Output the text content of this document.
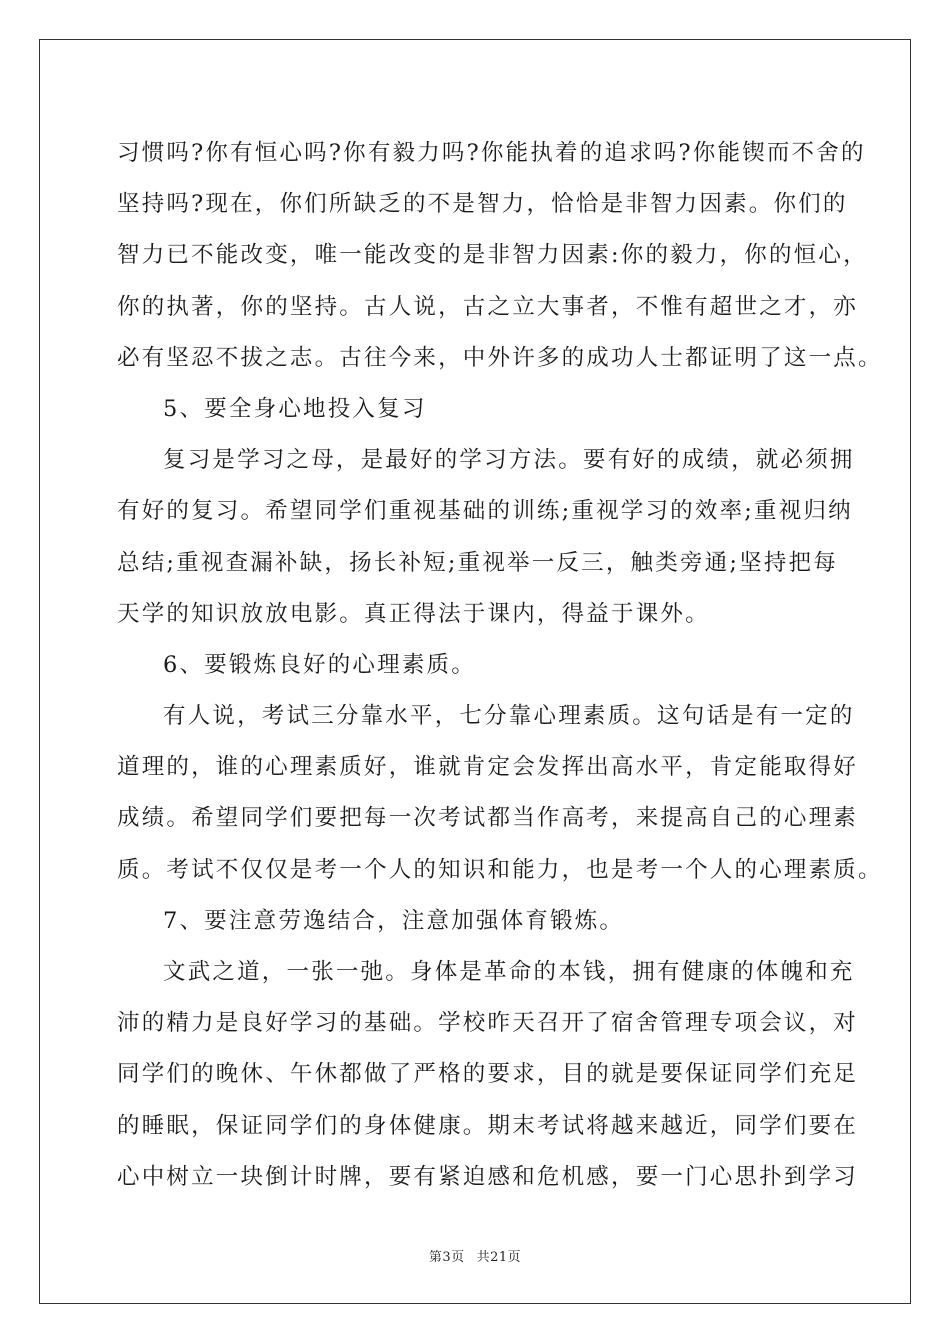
习惯吗?你有恒心吗?你有毅力吗?你能执着的追求吗?你能锲而不舍的
坚持吗?现在，你们所缺乏的不是智力，恰恰是非智力因素。你们的
智力已不能改变，唯一能改变的是非智力因素:你的毅力，你的恒心，
你的执著，你的坚持。古人说，古之立大事者，不惟有超世之才，亦
必有坚忍不拔之志。古往今来，中外许多的成功人士都证明了这一点。
5、要全身心地投入复习
复习是学习之母，是最好的学习方法。要有好的成绩，就必须拥
有好的复习。希望同学们重视基础的训练;重视学习的效率;重视归纳
总结;重视查漏补缺，扬长补短;重视举一反三，触类旁通;坚持把每
天学的知识放放电影。真正得法于课内，得益于课外。
6、要锻炼良好的心理素质。
有人说，考试三分靠水平，七分靠心理素质。这句话是有一定的
道理的，谁的心理素质好，谁就肯定会发挥出高水平，肯定能取得好
成绩。希望同学们要把每一次考试都当作高考，来提高自己的心理素
质。考试不仅仅是考一个人的知识和能力，也是考一个人的心理素质。
7、要注意劳逸结合，注意加强体育锻炼。
文武之道，一张一弛。身体是革命的本钱，拥有健康的体魄和充
沛的精力是良好学习的基础。学校昨天召开了宿舍管理专项会议，对
同学们的晚休、午休都做了严格的要求，目的就是要保证同学们充足
的睡眠，保证同学们的身体健康。期末考试将越来越近，同学们要在
心中树立一块倒计时牌，要有紧迫感和危机感，要一门心思扑到学习
第3页 共21页
